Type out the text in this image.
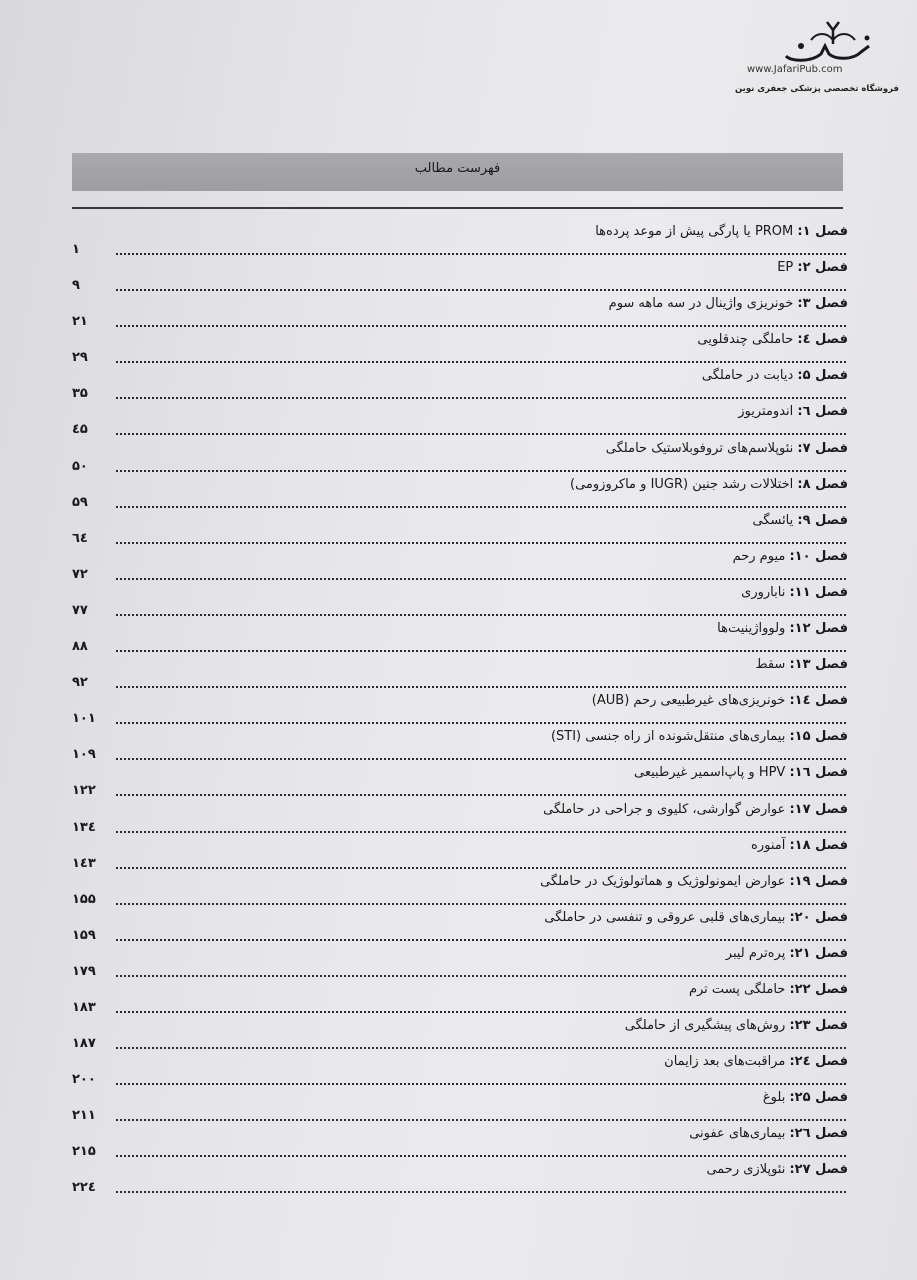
www.JafariPub.com
فروشگاه تخصصی پزشکی جعفری نوین
فهرست مطالب
فصل ۱: PROM یا پارگی پیش از موعد پرده‌ها
۱
فصل ۲: EP
۹
فصل ۳: خونریزی واژینال در سه ماهه سوم
۲۱
فصل ٤: حاملگی چندقلویی
۲۹
فصل ۵: دیابت در حاملگی
۳۵
فصل ٦: اندومتریوز
٤۵
فصل ۷: نئوپلاسم‌های تروفوبلاستیک حاملگی
۵۰
فصل ۸: اختلالات رشد جنین (IUGR و ماکروزومی)
۵۹
فصل ۹: یائسگی
٦٤
فصل ۱۰: میوم رحم
۷۲
فصل ۱۱: ناباروری
۷۷
فصل ۱۲: ولوواژینیت‌ها
۸۸
فصل ۱۳: سقط
۹۲
فصل ۱٤: خونریزی‌های غیرطبیعی رحم (AUB)
۱۰۱
فصل ۱۵: بیماری‌های منتقل‌شونده از راه جنسی (STI)
۱۰۹
فصل ۱٦: HPV و پاپ‌اسمیر غیرطبیعی
۱۲۲
فصل ۱۷: عوارض گوارشی، کلیوی و جراحی در حاملگی
۱۳٤
فصل ۱۸: آمنوره
۱٤۳
فصل ۱۹: عوارض ایمونولوژیک و هماتولوژیک در حاملگی
۱۵۵
فصل ۲۰: بیماری‌های قلبی عروقی و تنفسی در حاملگی
۱۵۹
فصل ۲۱: پره‌ترم لیبر
۱۷۹
فصل ۲۲: حاملگی پست ترم
۱۸۳
فصل ۲۳: روش‌های پیشگیری از حاملگی
۱۸۷
فصل ۲٤: مراقبت‌های بعد زایمان
۲۰۰
فصل ۲۵: بلوغ
۲۱۱
فصل ۲٦: بیماری‌های عفونی
۲۱۵
فصل ۲۷: نئوپلازی رحمی
۲۲٤
